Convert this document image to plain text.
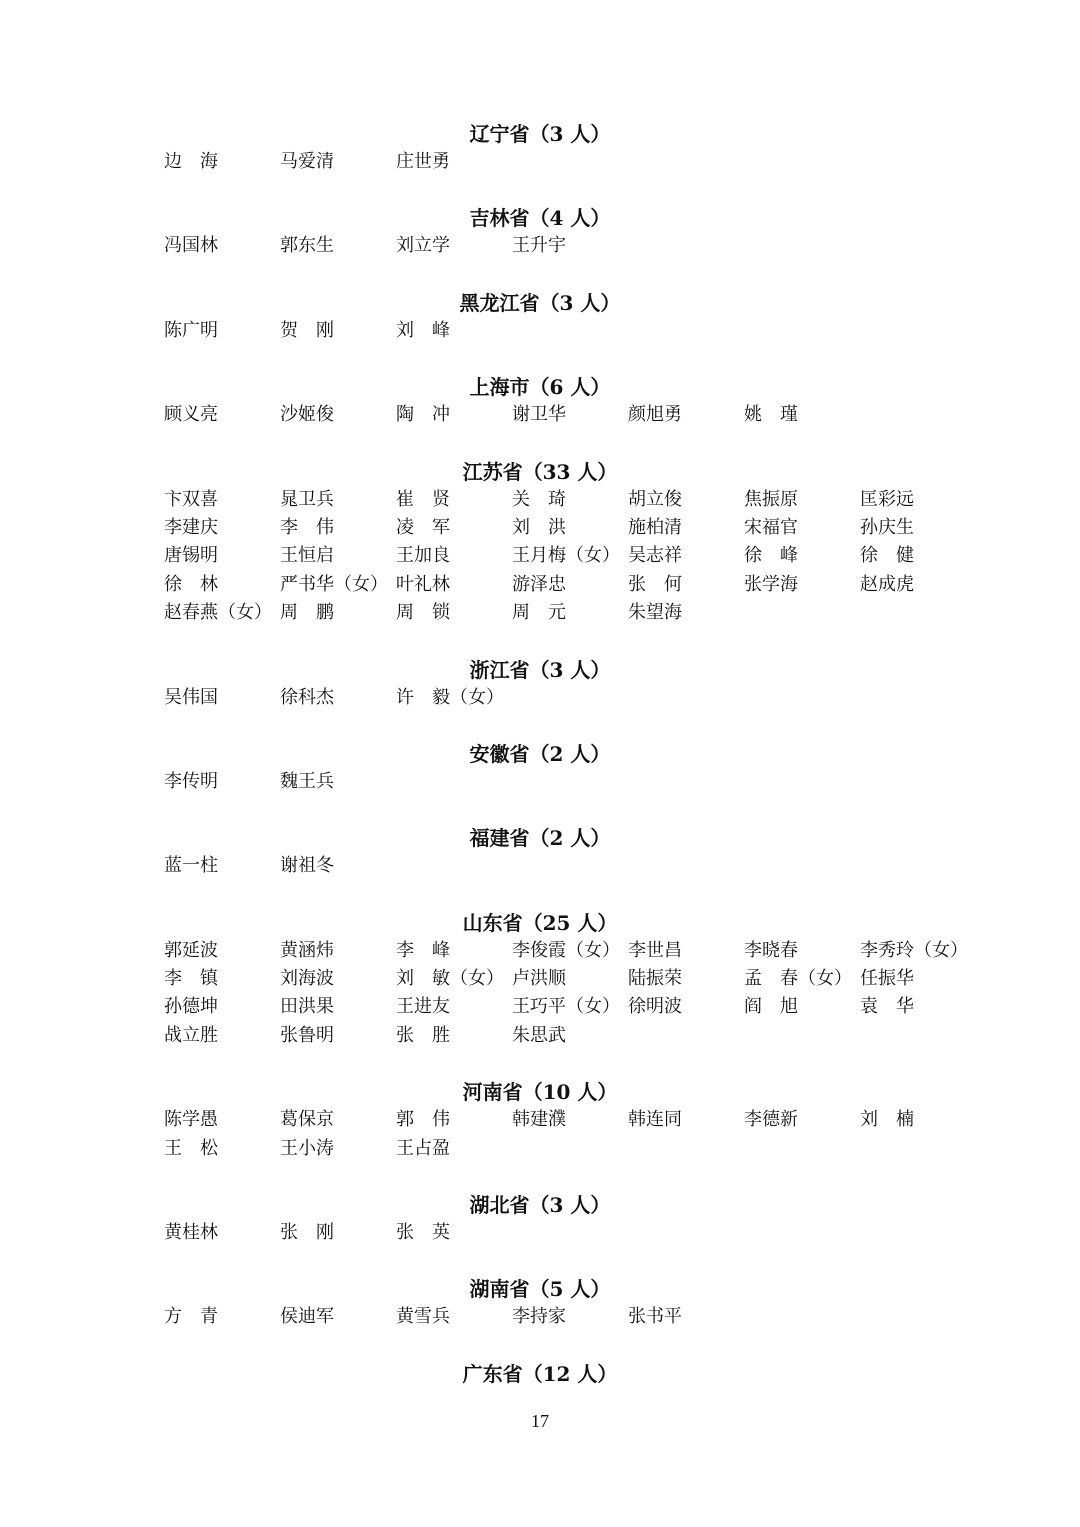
辽宁省（3 人）
边　海	马爱清	庄世勇
吉林省（4 人）
冯国林	郭东生	刘立学	王升宇
黑龙江省（3 人）
陈广明	贺　刚	刘　峰
上海市（6 人）
顾义亮	沙姬俊	陶　冲	谢卫华	颜旭勇	姚　瑾
江苏省（33 人）
卞双喜	晁卫兵	崔　贤	关　琦	胡立俊	焦振原	匡彩远
李建庆	李　伟	凌　军	刘　洪	施柏清	宋福官	孙庆生
唐锡明	王恒启	王加良	王月梅（女） 吴志祥	徐　峰	徐　健
徐　林	严书华（女） 叶礼林	游泽忠	张　何	张学海	赵成虎
赵春燕（女） 周　鹏	周　锁	周　元	朱望海
浙江省（3 人）
吴伟国	徐科杰	许　毅（女）
安徽省（2 人）
李传明	魏王兵
福建省（2 人）
蓝一柱	谢祖冬
山东省（25 人）
郭延波	黄涵炜	李　峰	李俊霞（女） 李世昌	李晓春	李秀玲（女）
李　镇	刘海波	刘　敏（女） 卢洪顺	陆振荣	孟　春（女） 任振华
孙德坤	田洪果	王进友	王巧平（女） 徐明波	阎　旭	袁　华
战立胜	张鲁明	张　胜	朱思武
河南省（10 人）
陈学愚	葛保京	郭　伟	韩建濮	韩连同	李德新	刘　楠
王　松	王小涛	王占盈
湖北省（3 人）
黄桂林	张　刚	张　英
湖南省（5 人）
方　青	侯迪军	黄雪兵	李持家	张书平
广东省（12 人）
17
